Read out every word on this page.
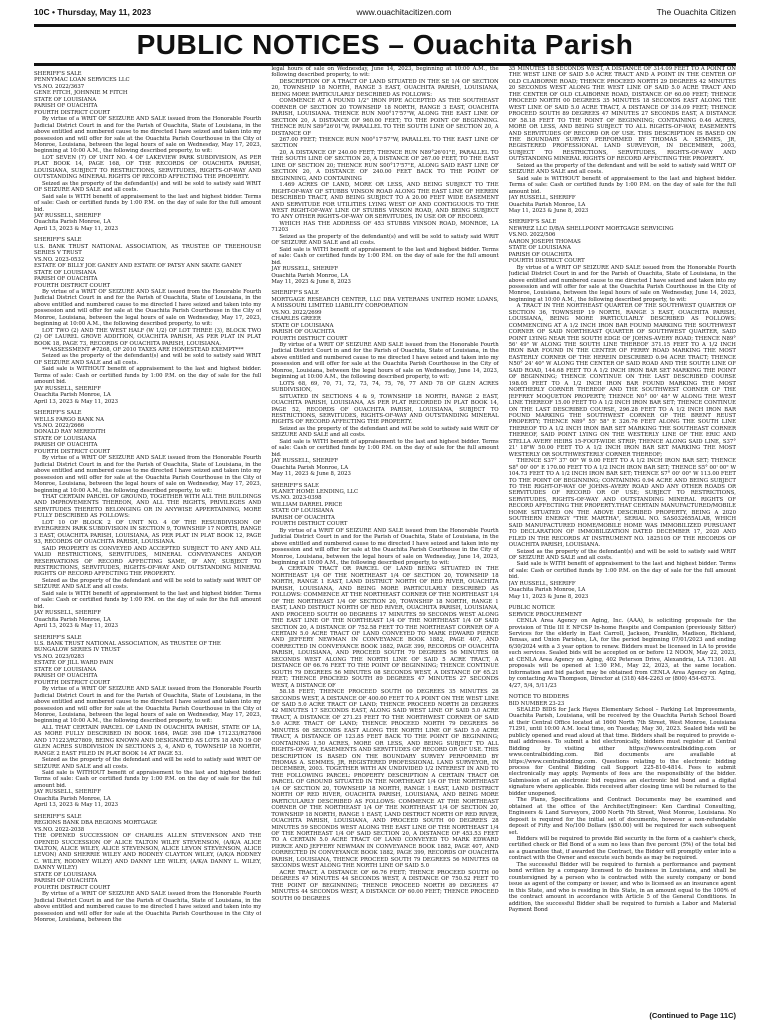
10C • Thursday, May 11, 2023	www.ouachitacitizen.com	The Ouachita Citizen
PUBLIC NOTICES – Ouachita Parish

SHERIFF'S SALE

PENNYMAC LOAN SERVICES LLC

VS.NO. 2022/3637

GENE FITCH, JOHNNIE M FITCH

STATE OF LOUISIANA

PARISH OF OUACHITA

FOURTH DISTRICT COURT

By virtue of a WRIT OF SEIZURE AND SALE issued from the Honorable Fourth Judicial District Court in and for the Parish of Ouachita, State of Louisiana, in the above entitled and numbered cause to me directed I have seized and taken into my possession and will offer for sale at the Ouachita Parish Courthouse in the City of Monroe, Louisiana, between the legal hours of sale on Wednesday, May 17, 2023, beginning at 10:00 A.M., the following described property, to wit:

LOT SEVEN (7) OF UNIT NO. 4 OF LAKEVIEW PARK SUBDIVISION, AS PER PLAT BOOK 14, PAGE 168, OF THE RECORDS OF OUACHITA PARISH, LOUISIANA, SUBJECT TO RESTRICTIONS, SERVITUDES, RIGHTS-OF-WAY AND OUTSTANDING MINERAL RIGHTS OF RECORD AFFECTING THE PROPERTY.

Seized as the property of the defendant(s) and will be sold to satisfy said WRIT OF SEIZURE AND SALE and all costs.

Said sale is WITH benefit of appraisement to the last and highest bidder. Terms of sale: Cash or certified funds by 1:00 P.M. on the day of sale for the full amount bid.

JAY RUSSELL, SHERIFF

Ouachita Parish Monroe, LA

April 13, 2023 & May 11, 2023

SHERIFF'S SALE

U.S. BANK TRUST NATIONAL ASSOCIATION, AS TRUSTEE OF TREEHOUSE SERIES V TRUST

VS.NO. 2023-0532

ESTATE OF BILLY JOE GANEY AND ESTATE OF PATSY ANN SKATE GANEY

STATE OF LOUISIANA

PARISH OF OUACHITA

FOURTH DISTRICT COURT

By virtue of a WRIT OF SEIZURE AND SALE issued from the Honorable Fourth Judicial District Court in and for the Parish of Ouachita, State of Louisiana, in the above entitled and numbered cause to me directed I have seized and taken into my possession and will offer for sale at the Ouachita Parish Courthouse in the City of Monroe, Louisiana, between the legal hours of sale on Wednesday, May 17, 2023, beginning at 10:00 A.M., the following described property, to wit:

LOT TWO (2) AND THE WEST HALF (W 1/2) OF LOT THREE (3), BLOCK TWO (2) OF LAUREL GROVE ADDITION, OUACHITA PARISH, AS PER PLAT IN PLAT BOOK 18, PAGE 73, RECORDS OF OUACHITA PARISH, LOUISIANA.

***ASSESSMENT #7268, OF 2010 TAXES ARE HOMESTEAD EXEMPT***

Seized as the property of the defendant(s) and will be sold to satisfy said WRIT OF SEIZURE AND SALE and all costs.

Said sale is WITHOUT benefit of appraisement to the last and highest bidder. Terms of sale: Cash or certified funds by 1:00 P.M. on the day of sale for the full amount bid.

JAY RUSSELL, SHERIFF

Ouachita Parish Monroe, LA

April 13, 2023 & May 11, 2023

SHERIFF'S SALE

WELLS FARGO BANK NA

VS.NO. 2022/2666

DONALD RAY MEREDITH

STATE OF LOUISIANA

PARISH OF OUACHITA

FOURTH DISTRICT COURT

By virtue of a WRIT OF SEIZURE AND SALE issued from the Honorable Fourth Judicial District Court in and for the Parish of Ouachita, State of Louisiana, in the above entitled and numbered cause to me directed I have seized and taken into my possession and will offer for sale at the Ouachita Parish Courthouse in the City of Monroe, Louisiana, between the legal hours of sale on Wednesday, May 17, 2023, beginning at 10:00 A.M., the following described property, to wit:

THAT CERTAIN PARCEL OF GROUND, TOGETHER WITH ALL THE BUILDINGS AND IMPROVEMENTS THEREON, AND ALL THE RIGHTS, PRIVILEGES AND SERVITUDES THERETO BELONGING OR IN ANYWISE APPERTAINING, MORE FULLY DESCRIBED AS FOLLOWS:

LOT 10 OF BLOCK 2 OF UNIT NO. 4 OF THE RESUBDIVISION OF EVERGREEN PARK SUBDIVISION IN SECTION 9, TOWNSHIP 17 NORTH, RANGE 3 EAST, OUACHITA PARISH, LOUISIANA, AS PER PLAT IN PLAT BOOK 12, PAGE 93, RECORDS OF OUACHITA PARISH, LOUISIANA.

SAID PROPERTY IS CONVEYED AND ACCEPTED SUBJECT TO ANY AND ALL VALID RESTRICTIONS, SERVITUDES, MINERAL CONVEYANCES AND/OR RESERVATIONS OF RECORD AFFECTING SAME, IF ANY, SUBJECT TO RESTRICTIONS, SERVITUDES, RIGHTS-OF-WAY AND OUTSTANDING MINERAL RIGHTS OF RECORD AFFECTING THE PROPERTY.

Seized as the property of the defendant and will be sold to satisfy said WRIT OF SEIZURE AND SALE and all costs.

Said sale is WITH benefit of appraisement to the last and highest bidder. Terms of sale: Cash or certified funds by 1:00 P.M. on the day of sale for the full amount bid.

JAY RUSSELL, SHERIFF

Ouachita Parish Monroe, LA

April 13, 2023 & May 11, 2023

SHERIFF'S SALE

U.S. BANK TRUST NATIONAL ASSOCIATION, AS TRUSTEE OF THE

BUNGALOW SERIES IV TRUST

VS.NO. 2023/0283

ESTATE OF JILL WARD FAIN

STATE OF LOUISIANA

PARISH OF OUACHITA

FOURTH DISTRICT COURT

By virtue of a WRIT OF SEIZURE AND SALE issued from the Honorable Fourth Judicial District Court in and for the Parish of Ouachita, State of Louisiana, in the above entitled and numbered cause to me directed I have seized and taken into my possession and will offer for sale at the Ouachita Parish Courthouse in the City of Monroe, Louisiana, between the legal hours of sale on Wednesday, May 17, 2023, beginning at 10:00 A.M., the following described property, to wit:

ALL THAT CERTAIN PARCEL OF LAND IN OUACHITA PARISH, STATE OF LA, AS MORE FULLY DESCRIBED IN BOOK 1684, PAGE 398 ID# 171233/R27806 AND 171223/R27809, BEING KNOWN AND DESIGNATED AS LOTS 18 AND 19 OF GLEN ACRES SUBDIVISION IN SECTIONS 3, 4, AND 6, TOWNSHIP 18 NORTH, RANGE 2 EAST FILED IN PLAT BOOK 14 AT PAGE 53.

Seized as the property of the defendant and will be sold to satisfy said WRIT OF SEIZURE AND SALE and all costs.

Said sale is WITHOUT benefit of appraisement to the last and highest bidder. Terms of sale: Cash or certified funds by 1:00 P.M. on the day of sale for the full amount bid.

JAY RUSSELL, SHERIFF

Ouachita Parish Monroe, LA

April 13, 2023 & May 11, 2023

SHERIFF'S SALE

REGIONS BANK DBA REGIONS MORTGAGE

VS.NO. 2022-2038

THE OPENED SUCCESSION OF CHARLES ALLEN STEVENSON AND THE OPENED SUCCESSION OF ALICE TALTON WILEY STEVENSON, (A/K/A ALICE TALTON, ALICE WILEY, ALICE STEVENSON, ALICE LEVON STEVENSON, ALICE LEVON) AND SHERRIE WILEY AND RODNEY CLAYTON WILEY, (A/K/A RODNEY C. WILEY, RODNEY WILEY) AND DANNY LEE WILEY, (A/K/A DANNY L. WILEY, DANNY WILEY)

STATE OF LOUISIANA

PARISH OF OUACHITA

FOURTH DISTRICT COURT

By virtue of a WRIT OF SEIZURE AND SALE issued from the Honorable Fourth Judicial District Court in and for the Parish of Ouachita, State of Louisiana, in the above entitled and numbered cause to me directed I have seized and taken into my possession and will offer for sale at the Ouachita Parish Courthouse in the City of Monroe, Louisiana, between the

legal hours of sale on Wednesday, June 14, 2023, beginning at 10:00 A.M., the following described property, to wit:

DESCRIPTION OF A TRACT OF LAND SITUATED IN THE SE 1/4 OF SECTION 20, TOWNSHIP 18 NORTH, RANGE 3 EAST, OUACHITA PARISH, LOUISIANA, BEING MORE PARTICULARLY DESCRIBED AS FOLLOWS:

COMMENCE AT A FOUND 1/2" IRON PIPE ACCEPTED AS THE SOUTHEAST CORNER OF SECTION 20 TOWNSHIP 18 NORTH, RANGE 3 EAST, OUACHITA PARISH, LOUISIANA. THENCE RUN N00°17'57"W, ALONG THE EAST LINE OF SECTION 20, A DISTANCE OF 960.00 FEET; TO THE POINT OF BEGINNING. THENCE RUN S89°26'01"W, PARALLEL TO THE SOUTH LINE OF SECTION 20, A DISTANCE OF

267.00 FEET; THENCE RUN N00°17'57"W, PARALLEL TO THE EAST LINE OF SECTION

20, A DISTANCE OF 240.00 FEET; THENCE RUN N89°26'01"E, PARALLEL TO THE SOUTH LINE OF SECTION 20, A DISTANCE OF 267.00 FEET, TO THE EAST LINE OF SECTION 20; THENCE RUN S00°17'57"E, ALONG SAID EAST LINE OF SECTION 20, A DISTANCE OF 240.00 FEET BACK TO THE POINT OF BEGINNING, AND CONTAINING

1.469 ACRES OF LAND, MORE OR LESS, AND BEING SUBJECT TO THE RIGHT-OF-WAY OF STUBBS VINSON ROAD ALONG THE EAST LINE OF HEREIN DESCRIBED TRACT, AND BEING SUBJECT TO A 20.00 FEET WIDE EASEMENT AND SERVITUDE FOR UTILITIES LYING WEST OF AND CONTIGUOUS TO THE WEST RIGHT-OF-WAY LINE OF STUBBS VINSON ROAD, AND BEING SUBJECT TO ANY OTHER RIGHTS-OF-WAY OR SERVITUDES, IN USE OR OF RECORD.

WHICH HAS THE ADDRESS OF 453 STUBBS VINSON ROAD, MONROE, LA 71203

Seized as the property of the defendant(s) and will be sold to satisfy said WRIT OF SEIZURE AND SALE and all costs.

Said sale is WITH benefit of appraisement to the last and highest bidder. Terms of sale: Cash or certified funds by 1:00 P.M. on the day of sale for the full amount bid.

JAY RUSSELL, SHERIFF

Ouachita Parish Monroe, LA

May 11, 2023 & June 8, 2023

SHERIFF'S SALE

MORTGAGE RESEARCH CENTER, LLC DBA VETERANS UNITED HOME LOANS, A MISSOURI LIMITED LIABILITY CORPORATION

VS.NO. 2022/2699

CHARLES GREER

STATE OF LOUISIANA

PARISH OF OUACHITA

FOURTH DISTRICT COURT

By virtue of a WRIT OF SEIZURE AND SALE issued from the Honorable Fourth Judicial District Court in and for the Parish of Ouachita, State of Louisiana, in the above entitled and numbered cause to me directed I have seized and taken into my possession and will offer for sale at the Ouachita Parish Courthouse in the City of Monroe, Louisiana, between the legal hours of sale on Wednesday, June 14, 2023, beginning at 10:00 A.M., the following described property, to wit:

LOTS 68, 69, 70, 71, 72, 73, 74, 75, 76, 77 AND 78 OF GLEN ACRES SUBDIVISION,

SITUATED IN SECTIONS 4 & 9, TOWNSHIP 18 NORTH, RANGE 2 EAST, OUACHITA PARISH, LOUISIANA, AS PER PLAT RECORDED IN PLAT BOOK 14, PAGE 52, RECORDS OF OUACHITA PARISH, LOUISIANA, SUBJECT TO RESTRICTIONS, SERVITUDES, RIGHTS-OF-WAY AND OUTSTANDING MINERAL RIGHTS OF RECORD AFFECTING THE PROPERTY.

Seized as the property of the defendant and will be sold to satisfy said WRIT OF SEIZURE AND SALE and all costs.

Said sale is WITH benefit of appraisement to the last and highest bidder. Terms of sale: Cash or certified funds by 1:00 P.M. on the day of sale for the full amount bid.

JAY RUSSELL, SHERIFF

Ouachita Parish Monroe, LA

May 11, 2023 & June 8, 2023

SHERIFF'S SALE

PLANET HOME LENDING, LLC

VS.NO. 2023-0398

WILLIAM DARREL PRICE

STATE OF LOUISIANA

PARISH OF OUACHITA

FOURTH DISTRICT COURT

By virtue of a WRIT OF SEIZURE AND SALE issued from the Honorable Fourth Judicial District Court in and for the Parish of Ouachita, State of Louisiana, in the above entitled and numbered cause to me directed I have seized and taken into my possession and will offer for sale at the Ouachita Parish Courthouse in the City of Monroe, Louisiana, between the legal hours of sale on Wednesday, June 14, 2023, beginning at 10:00 A.M., the following described property, to wit:

A CERTAIN TRACT OR PARCEL OF LAND BEING SITUATED IN THE NORTHEAST 1/4 OF THE NORTHEAST 1/4 OF SECTION 20, TOWNSHIP 18 NORTH, RANGE 1 EAST, LAND DISTRICT NORTH OF RED RIVER, OUACHITA PARISH, LOUISIANA, AND BEING MORE PARTICULARLY DESCRIBED AS FOLLOWS: COMMENCE AT THE NORTHEAST CORNER OF THE NORTHEAST 1/4 OF THE NORTHEAST 1/4 OF SECTION 20, TOWNSHIP 18 NORTH, RANGE 1 EAST, LAND DISTRICT NORTH OF RED RIVER, OUACHITA PARISH, LOUISIANA, AND PROCEED SOUTH 00 DEGREES 17 MINUTES 59 SECONDS WEST ALONG THE EAST LINE OF THE NORTHEAST 1/4 OF THE NORTHEAST 1/4 OF SAID SECTION 20, A DISTANCE OF 752.58 FEET TO THE NORTHEAST CORNER OF A CERTAIN 5.0 ACRE TRACT OF LAND CONVEYED TO MARK EDWARD PIERCE AND JEFFERY NEWMAN IN CONVEYANCE BOOK 1882, PAGE 407, AND CORRECTED IN CONVEYANCE BOOK 1882, PAGE 399, RECORDS OF OUACHITA PARISH, LOUISIANA, AND PROCEED SOUTH 79 DEGREES 56 MINUTES 08 SECONDS WEST ALONG THE NORTH LINE OF SAID 5 ACRE TRACT, A DISTANCE OF 66.76 FEET TO THE POINT OF BEGINNING; THENCE CONTINUE SOUTH 79 DEGREES 56 MINUTES 08 SECONDS WEST, A DISTANCE OF 65.21 FEET; THENCE PROCEED SOUTH 89 DEGREES 47 MINUTES 27 SECONDS WEST, A DISTANCE OF

58.18 FEET; THENCE PROCEED SOUTH 00 DEGREES 35 MINUTES 28 SECONDS WEST, A DISTANCE OF 400.00 FEET TO A POINT ON THE WEST LINE OF SAID 5.0 ACRE TRACT OF LAND; THENCE PROCEED NORTH 28 DEGREES 42 MINUTES 17 SECONDS EAST, ALONG SAID WEST LINE OF SAID 5.0 ACRE TRACT, A DISTANCE OF 271.23 FEET TO THE NORTHWEST CORNER OF SAID 5.0 ACRE TRACT OF LAND; THENCE PROCEED NORTH 79 DEGREES 56 MINUTES 08 SECONDS EAST ALONG THE NORTH LINE OF SAID 5.0 ACRE TRACT, A DISTANCE OF 123.85 FEET BACK TO THE POINT OF BEGINNING; CONTAINING 1.50 ACRES, MORE OR LESS, AND BEING SUBJECT TO ALL RIGHTS-OF-WAY, EASEMENTS AND SERVITUDES OF RECORD OR OF USE. THIS DESCRIPTION IS BASED ON THE BOUNDARY SURVEY PERFORMED BY THOMAS A. SEMMES, JR, REGISTERED PROFESSIONAL LAND SURVEYOR, IN DECEMBER, 2003. TOGETHER WITH AN UNDIVIDED 1/2 INTEREST IN AND TO THE FOLLOWING PARCEL: PROPERTY DESCRIPTION A CERTAIN TRACT OR PARCEL OF GROUND SITUATED IN THE NORTHEAST 1/4 OF THE NORTHEAST 1/4 OF SECTION 20, TOWNSHIP 18 NORTH, RANGE 1 EAST, LAND DISTRICT NORTH OF RED RIVER, OUACHITA PARISH, LOUISIANA, AND BEING MORE PARTICULARLY DESCRIBED AS FOLLOWS: COMMENCE AT THE NORTHEAST CORNER OF THE NORTHEAST 1/4 OF THE NORTHEAST 1/4 OF SECTION 20, TOWNSHIP 18 NORTH, RANGE 1 EAST, LAND DISTRICT NORTH OF RED RIVER, OUACHITA PARISH, LOUISIANA, AND PROCEED SOUTH 00 DEGREES 28 MINUTES 59 SECONDS WEST ALONG THE EAST LINE OF THE NORTHEAST 1/4 OF THE NORTHEAST 1/4 OF SAID SECTION 20, A DISTANCE OF 453.53 FEET TO A CERTAIN 5.0 ACRE TRACT OF LAND CONVEYED TO MARK EDWARD PIERCE AND JEFFERY NEWMAN IN CONVEYANCE BOOK 1882, PAGE 407, AND CORRECTED IN CONVEYANCE BOOK 1882, PAGE 399, RECORDS OF OUACHITA PARISH, LOUISIANA, THENCE PROCEED SOUTH 79 DEGREES 56 MINUTES 08 SECONDS WEST ALONG THE NORTH LINE OF SAID 5.0

ACRE TRACT, A DISTANCE OF 66.76 FEET; THENCE PROCEED SOUTH 00 DEGREES 47 MINUTES 44 SECONDS WEST, A DISTANCE OF 750.52 FEET TO THE POINT OF BEGINNING; THENCE PROCEED NORTH 89 DEGREES 47 MINUTES 44 SECONDS WEST, A DISTANCE OF 60.00 FEET; THENCE PROCEED SOUTH 00 DEGREES

35 MINUTES 18 SECONDS WEST, A DISTANCE OF 314.09 FEET TO A POINT ON THE WEST LINE OF SAID 5.0 ACRE TRACT AND A POINT IN THE CENTER OF OLD CLAIBORNE ROAD; THENCE PROCEED NORTH 29 DEGREES 42 MINUTES 20 SECONDS WEST ALONG THE WEST LINE OF SAID 5.0 ACRE TRACT AND THE CENTER OF OLD CLAIBORNE ROAD, DISTANCE OF 60.00 FEET; THENCE PROCEED NORTH 00 DEGREES 35 MINUTES 18 SECONDS EAST ALONG THE WEST LINE OF SAID 5.0 ACRE TRACT, A DISTANCE OF 314.09 FEET; THENCE PROCEED SOUTH 89 DEGREES 47 MINUTES 27 SECONDS EAST, A DISTANCE OF 58.18 FEET TO THE POINT OF BEGINNING; CONTAINING 0.46 ACRES, MORE OR LESS, AND BEING SUBJECT TO ALL RIGHTS-OF-WAY, EASEMENTS AND SERVITUDES OF RECORD OR OF USE. THIS DESCRIPTION IS BASED ON THE BOUNDARY SURVEY PERFORMED BY THOMAS A. SEMMES, JR, REGISTERED PROFESSIONAL LAND SURVEYOR, IN DECEMBER, 2003, SUBJECT TO RESTRICTIONS, SERVITUDES, RIGHTS-OF-WAY AND OUTSTANDING MINERAL RIGHTS OF RECORD AFFECTING THE PROPERTY.

Seized as the property of the defendant and will be sold to satisfy said WRIT OF SEIZURE AND SALE and all costs.

Said sale is WITHOUT benefit of appraisement to the last and highest bidder. Terms of sale: Cash or certified funds by 1:00 P.M. on the day of sale for the full amount bid.

JAY RUSSELL, SHERIFF

Ouachita Parish Monroe, LA

May 11, 2023 & June 8, 2023

SHERIFF'S SALE

NEWREZ LLC D/B/A SHELLPOINT MORTGAGE SERVICING

VS.NO. 2022/506

AARON JOSEPH THOMAS

STATE OF LOUISIANA

PARISH OF OUACHITA

FOURTH DISTRICT COURT

By virtue of a WRIT OF SEIZURE AND SALE issued from the Honorable Fourth Judicial District Court in and for the Parish of Ouachita, State of Louisiana, in the above entitled and numbered cause to me directed I have seized and taken into my possession and will offer for sale at the Ouachita Parish Courthouse in the City of Monroe, Louisiana, between the legal hours of sale on Wednesday, June 14, 2023, beginning at 10:00 A.M., the following described property, to wit:

A TRACT IN THE NORTHEAST QUARTER OF THE SOUTHWEST QUARTER OF SECTION 36, TOWNSHIP 19 NORTH, RANGE 3 EAST, OUACHITA PARISH, LOUISIANA, BEING MORE PARTICULARLY DESCRIBED AS FOLLOWS: COMMENCING AT A 1/2 INCH IRON BAR FOUND MARKING THE SOUTHWEST CORNER OF SAID NORTHEAST QUARTER OF SOUTHWEST QUARTER, SAID POINT LYING NEAR THE SOUTH EDGE OF JOHNS-AVERY ROAD; THENCE N89° 56' 49" W ALONG THE SOUTH LINE THEREOF 371.15 FEET TO A 1/2 INCH IRON BAR FOUND IN THE CENTER OF FERRY ROAD MARKING THE MOST EASTERLY CORNER OF THE HEREIN DESCRIBED 0.94 ACRE TRACT; THENCE N50° 24' 40" W ALONG THE CENTER OF SAID ROAD AND THE SOUTH LINE OF SAID ROAD, 144.68 FEET TO A 1/2 INCH IRON BAR SET MARKING THE POINT OF BEGINNING; THENCE CONTINUE ON THE LAST DESCRIBED COURSE 198.05 FEET TO A 1/2 INCH IRON BAR FOUND MARKING THE MOST NORTHERLY CORNER THEREOF AND THE SOUTHWEST CORNER OF THE JEFFREY MOQUETON PROPERTY; THENCE N0° 00' 48" W ALONG THE WEST LINE THEREOF 15.00 FEET TO A 1/2 INCH IRON BAR SET; THENCE CONTINUE ON THE LAST DESCRIBED COURSE, 296.28 FEET TO A 1/2 INCH IRON BAR FOUND MARKING THE SOUTHWEST CORNER OF THE BRENT REUST PROPERTY; THENCE N89° 55' 58" E 326.76 FEET ALONG THE SOUTH LINE THEREOF TO A 1/2 INCH IRON BAR SET MARKING THE SOUTHEAST CORNER THEREOF, SAID POINT LYING ON THE WESTERLY LINE OF THE ERIC AND STELLA AVERY HEIRS 15-FOOT-WIDE STRIP; THENCE ALONG SAID LINE, S37° 21' 18"W 50.00 FEET TO A 1/2 INCH IRON BAR SET MARKING THE MOST WESTERLY OR SOUTHWESTERLY CORNER THEREOF;

THENCE S37° 37' 00" W 9.00 FEET TO A 1/2 INCH IRON BAR SET; THENCE S8° 00' 00" E 170.00 FEET TO A 1/2 INCH IRON BAR SET; THENCE S5° 00' 00" W 104.73 FEET TO A 1/2 INCH IRON BAR SET; THENCE S7° 00' 00" W 113.00 FEET TO THE POINT OF BEGINNING; CONTAINING 0.94 ACRE AND BEING SUBJECT TO THE RIGHT-OF-WAY OF JOHNS-AVERY ROAD AND ANY OTHER ROADS OR SERVITUDES OF RECORD OR OF USE; SUBJECT TO RESTRICTIONS, SERVITUDES, RIGHTS-OF-WAY AND OUTSTANDING MINERAL RIGHTS OF RECORD AFFECTING THE PROPERTY.THAT CERTAIN MANUFACTURED/MOBILE HOME SITUATED ON THE ABOVE DESCRIBED PROPERTY, BEING A 2020 SOUTHERN ENERGY "THE MARTHA", SERIAL NO. SAS032655ALAB, WHICH SAID MANUFACTURED HOME/MOBILE HOME WAS IMMOBILIZED PURSUANT TO DECLARATION OF IMMOBILIZATION DATED DECEMBER 17, 2020 AND FILED IN THE RECORDS AT INSTRUMENT NO. 1825105 OF THE RECORDS OF OUACHITA PARISH, LOUISIANA.

Seized as the property of the defendant(s) and will be sold to satisfy said WRIT OF SEIZURE AND SALE and all costs.

Said sale is WITH benefit of appraisement to the last and highest bidder. Terms of sale: Cash or certified funds by 1:00 P.M. on the day of sale for the full amount bid.

JAY RUSSELL, SHERIFF

Ouachita Parish Monroe, LA

May 11, 2023 & June 8, 2023

PUBLIC NOTICE

SERVICE PROCUREMENT

CENLA Area Agency on Aging, Inc. (AAA), is soliciting proposals for the provision of Title III E NFCSP In-home Respite and Companion (previously Sitter) Services for the elderly in East Carroll, Jackson, Franklin, Madison, Richland, Tensas, and Union Parishes, LA, for the period beginning 07/01/2023 and ending 6/30/2024 with a 3 year option to renew. Bidders must be licensed in LA to provide such services. Sealed bids will be accepted on or before 12 NOON, May 22, 2023, at CENLA Area Agency on Aging, 402 Peterson Drive, Alexandria, LA 71301. All proposals will be opened at 1:30 P.M., May 22, 2023, at the same location. Information and bid packet may be obtained from CENLA Area Agency on Aging, by contacting Ava Thompson, Director at (318) 484-2263 or (800) 454-6573.

4/27, 5/4, 5/11/23

NOTICE TO BIDDERS

BID NUMBER 23-23

SEALED BIDS for Jack Hayes Elementary School – Parking Lot Improvements, Ouachita Parish, Louisiana, will be received by the Ouachita Parish School Board at their Central Office located at 1600 North 7th Street, West Monroe, Louisiana 71291, until 10:00 A.M. local time, on Tuesday, May 30, 2023. Sealed bids will be publicly opened and read aloud at that time. Bidders shall be required to provide e-mail addresses. To submit a bid electronically, bidders must register at Central Bidding by visiting either https://www.centralbidding.com or www.centralbidding.com. Bid documents are available at https://www.centralbidding.com. Questions relating to the electronic bidding process for Central Bidding call Support 225-810-4814. Fees to submit electronically may apply. Payments of fees are the responsibility of the bidder. Submission of an electronic bid requires an electronic bid bond and a digital signature where applicable. Bids received after closing time will be returned to the bidder unopened.

The Plans, Specifications and Contract Documents may be examined and obtained at the office of the Architect/Engineer: Ken Cardinal Consulting, Engineers & Land Surveyors, 2000 North 7th Street, West Monroe, Louisiana. No deposit is required for the initial set of documents, however a non-refundable deposit of Fifty and No/100 Dollars ($50.00) will be required for each subsequent set.

Bidders will be required to provide Bid security in the form of a cashier's check, certified check or Bid Bond of a sum no less than five percent (5%) of the total bid as a guarantee that, if awarded the Contract, the Bidder will promptly enter into a contract with the Owner and execute such bonds as may be required.

The successful Bidder will be required to furnish a performance and payment bond written by a company licensed to do business in Louisiana, and shall be countersigned by a person who is contracted with the surety company or bond issue as agent of the company or issuer, and who is licensed as an insurance agent in this State, and who is residing in this State, in an amount equal to the 100% of the contract amount in accordance with Article 5 of the General Conditions. In addition, the successful Bidder shall be required to furnish a Labor and Material Payment Bond

(Continued to Page 11C)
